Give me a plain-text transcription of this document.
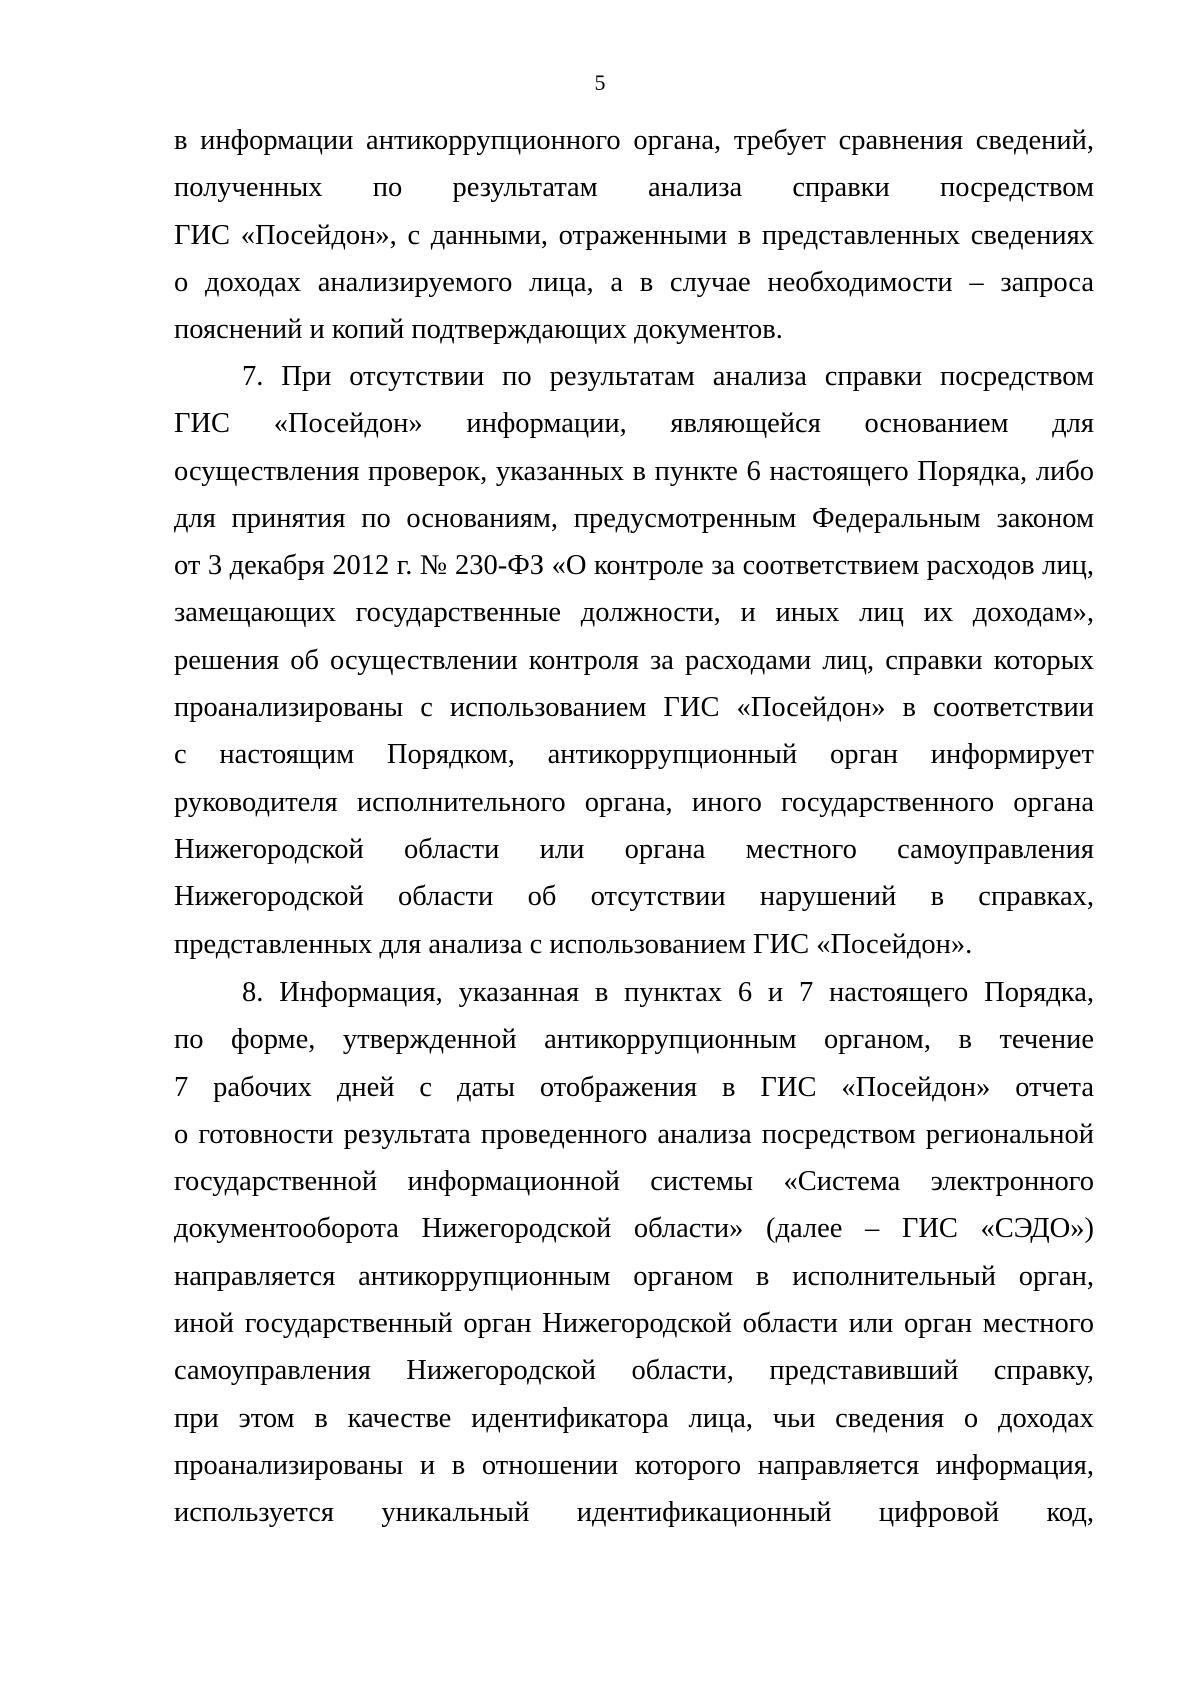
5
в информации антикоррупционного органа, требует сравнения сведений,
полученных по результатам анализа справки посредством
ГИС «Посейдон», с данными, отраженными в представленных сведениях
о доходах анализируемого лица, а в случае необходимости – запроса
пояснений и копий подтверждающих документов.
7. При отсутствии по результатам анализа справки посредством
ГИС «Посейдон» информации, являющейся основанием для
осуществления проверок, указанных в пункте 6 настоящего Порядка, либо
для принятия по основаниям, предусмотренным Федеральным законом
от 3 декабря 2012 г. № 230-ФЗ «О контроле за соответствием расходов лиц,
замещающих государственные должности, и иных лиц их доходам»,
решения об осуществлении контроля за расходами лиц, справки которых
проанализированы с использованием ГИС «Посейдон» в соответствии
с настоящим Порядком, антикоррупционный орган информирует
руководителя исполнительного органа, иного государственного органа
Нижегородской области или органа местного самоуправления
Нижегородской области об отсутствии нарушений в справках,
представленных для анализа с использованием ГИС «Посейдон».
8. Информация, указанная в пунктах 6 и 7 настоящего Порядка,
по форме, утвержденной антикоррупционным органом, в течение
7 рабочих дней с даты отображения в ГИС «Посейдон» отчета
о готовности результата проведенного анализа посредством региональной
государственной информационной системы «Система электронного
документооборота Нижегородской области» (далее – ГИС «СЭДО»)
направляется антикоррупционным органом в исполнительный орган,
иной государственный орган Нижегородской области или орган местного
самоуправления Нижегородской области, представивший справку,
при этом в качестве идентификатора лица, чьи сведения о доходах
проанализированы и в отношении которого направляется информация,
используется уникальный идентификационный цифровой код,
